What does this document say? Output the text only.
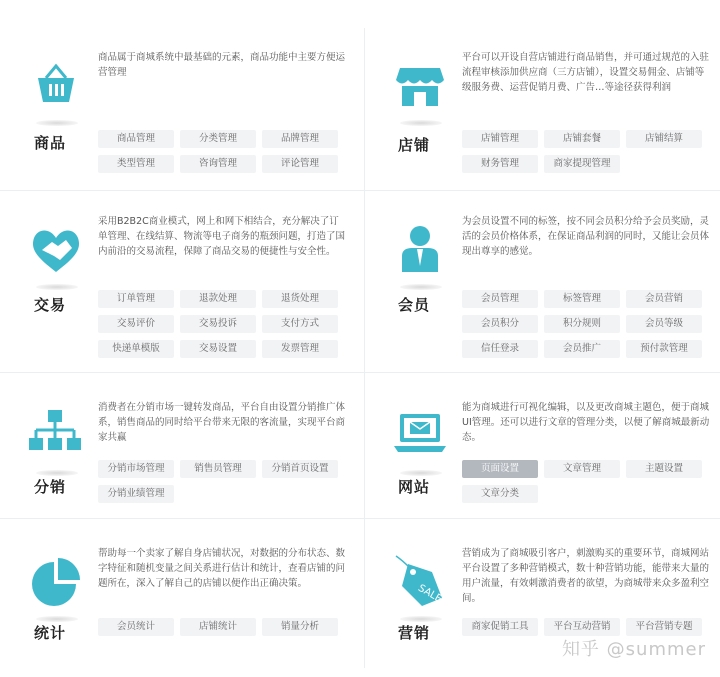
商品属于商城系统中最基础的元素，商品功能中主要方便运营管理
商品	商品管理	分类管理	品牌管理
类型管理	咨询管理	评论管理
平台可以开设自营店铺进行商品销售，并可通过规范的入驻流程审核添加供应商（三方店铺），设置交易佣金、店铺等级服务费、运营促销月费、广告…等途径获得利润
店铺	店铺管理	店铺套餐	店铺结算
财务管理	商家提现管理
采用B2B2C商业模式，网上和网下相结合，充分解决了订单管理、在线结算、物流等电子商务的瓶颈问题，打造了国内前沿的交易流程，保障了商品交易的便捷性与安全性。
交易	订单管理	退款处理	退货处理
交易评价	交易投诉	支付方式
快递单模版	交易设置	发票管理
为会员设置不同的标签，按不同会员积分给予会员奖励，灵活的会员价格体系，在保证商品利润的同时，又能让会员体现出尊享的感觉。
会员	会员管理	标签管理	会员营销
会员积分	积分规则	会员等级
信任登录	会员推广	预付款管理
消费者在分销市场一键转发商品，平台自由设置分销推广体系，销售商品的同时给平台带来无限的客流量，实现平台商家共赢
分销
分销市场管理	销售员管理	分销首页设置
分销业绩管理
能为商城进行可视化编辑，以及更改商城主题色，便于商城UI管理。还可以进行文章的管理分类，以便了解商城最新动态。
网站
页面设置	文章管理	主题设置
文章分类
帮助每一个卖家了解自身店铺状况，对数据的分布状态、数字特征和随机变量之间关系进行估计和统计，查看店铺的问题所在，深入了解自己的店铺以便作出正确决策。
统计	会员统计	店铺统计	销量分析
SALE
营销成为了商城吸引客户，刺激购买的重要环节，商城网站平台设置了多种营销模式，数十种营销功能，能带来大量的用户流量，有效刺激消费者的欲望，为商城带来众多盈利空间。
营销	商家促销工具	平台互动营销	平台营销专题
知乎 @summer
